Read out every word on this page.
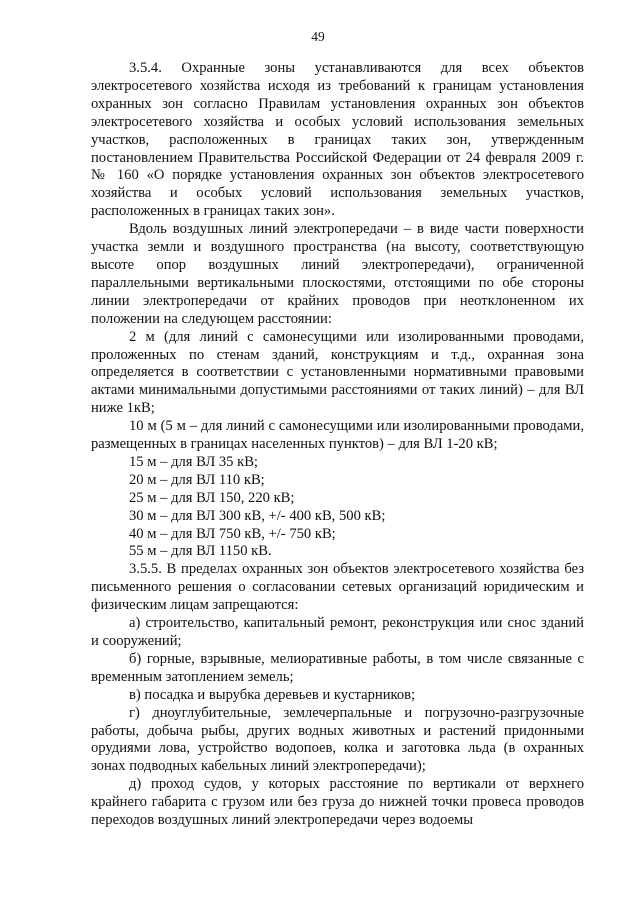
49

3.5.4. Охранные зоны устанавливаются для всех объектов электросетевого хозяйства исходя из требований к границам установления охранных зон согласно Правилам установления охранных зон объектов электросетевого хозяйства и особых условий использования земельных участков, расположенных в границах таких зон, утвержденным постановлением Правительства Российской Федерации от 24 февраля 2009 г. № 160 «О порядке установления охранных зон объектов электросетевого хозяйства и особых условий использования земельных участков, расположенных в границах таких зон».

Вдоль воздушных линий электропередачи – в виде части поверхности участка земли и воздушного пространства (на высоту, соответствующую высоте опор воздушных линий электропередачи), ограниченной параллельными вертикальными плоскостями, отстоящими по обе стороны линии электропередачи от крайних проводов при неотклоненном их положении на следующем расстоянии:

2 м (для линий с самонесущими или изолированными проводами, проложенных по стенам зданий, конструкциям и т.д., охранная зона определяется в соответствии с установленными нормативными правовыми актами минимальными допустимыми расстояниями от таких линий) – для ВЛ ниже 1кВ;

10 м (5 м – для линий с самонесущими или изолированными проводами, размещенных в границах населенных пунктов) – для ВЛ 1-20 кВ;

15 м – для ВЛ 35 кВ;

20 м – для ВЛ 110 кВ;

25 м – для ВЛ 150, 220 кВ;

30 м – для ВЛ 300 кВ, +/- 400 кВ, 500 кВ;

40 м – для ВЛ 750 кВ, +/- 750 кВ;

55 м – для ВЛ 1150 кВ.

3.5.5. В пределах охранных зон объектов электросетевого хозяйства без письменного решения о согласовании сетевых организаций юридическим и физическим лицам запрещаются:

а) строительство, капитальный ремонт, реконструкция или снос зданий и сооружений;

б) горные, взрывные, мелиоративные работы, в том числе связанные с временным затоплением земель;

в) посадка и вырубка деревьев и кустарников;

г) дноуглубительные, землечерпальные и погрузочно-разгрузочные работы, добыча рыбы, других водных животных и растений придонными орудиями лова, устройство водопоев, колка и заготовка льда (в охранных зонах подводных кабельных линий электропередачи);

д) проход судов, у которых расстояние по вертикали от верхнего крайнего габарита с грузом или без груза до нижней точки провеса проводов переходов воздушных линий электропередачи через водоемы
